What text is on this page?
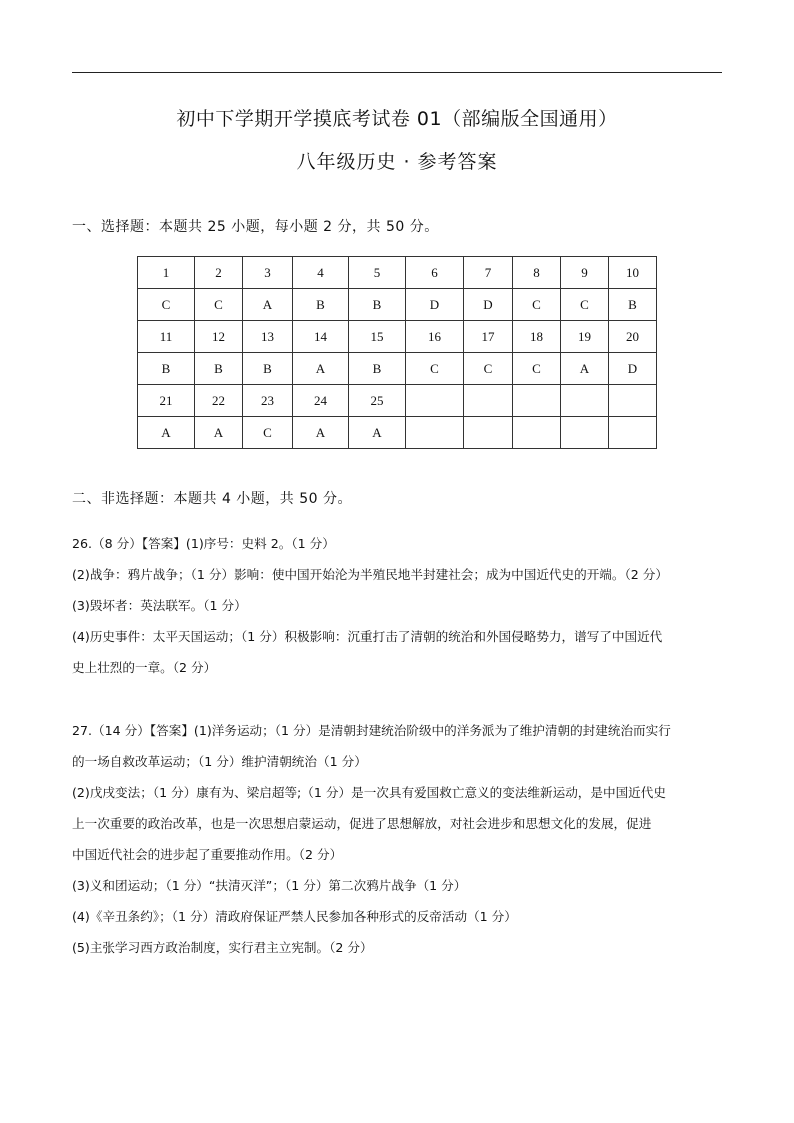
初中下学期开学摸底考试卷 01（部编版全国通用）
八年级历史 · 参考答案
一、选择题：本题共 25 小题，每小题 2 分，共 50 分。
1	2	3	4	5	6	7	8	9	10
C	C	A	B	B	D	D	C	C	B
11	12	13	14	15	16	17	18	19	20
B	B	B	A	B	C	C	C	A	D
21	22	23	24	25					
A	A	C	A	A					
二、非选择题：本题共 4 小题，共 50 分。

26.（8 分）【答案】(1)序号：史料 2。（1 分）

(2)战争：鸦片战争；（1 分）影响：使中国开始沦为半殖民地半封建社会；成为中国近代史的开端。（2 分）

(3)毁坏者：英法联军。（1 分）

(4)历史事件：太平天国运动；（1 分）积极影响：沉重打击了清朝的统治和外国侵略势力，谱写了中国近代

史上壮烈的一章。（2 分）

27.（14 分）【答案】(1)洋务运动；（1 分）是清朝封建统治阶级中的洋务派为了维护清朝的封建统治而实行

的一场自救改革运动；（1 分）维护清朝统治（1 分）

(2)戊戌变法；（1 分）康有为、梁启超等;（1 分）是一次具有爱国救亡意义的变法维新运动，是中国近代史

上一次重要的政治改革，也是一次思想启蒙运动，促进了思想解放，对社会进步和思想文化的发展，促进

中国近代社会的进步起了重要推动作用。（2 分）

(3)义和团运动；（1 分）“扶清灭洋”；（1 分）第二次鸦片战争（1 分）

(4)《辛丑条约》；（1 分）清政府保证严禁人民参加各种形式的反帝活动（1 分）

(5)主张学习西方政治制度，实行君主立宪制。（2 分）
